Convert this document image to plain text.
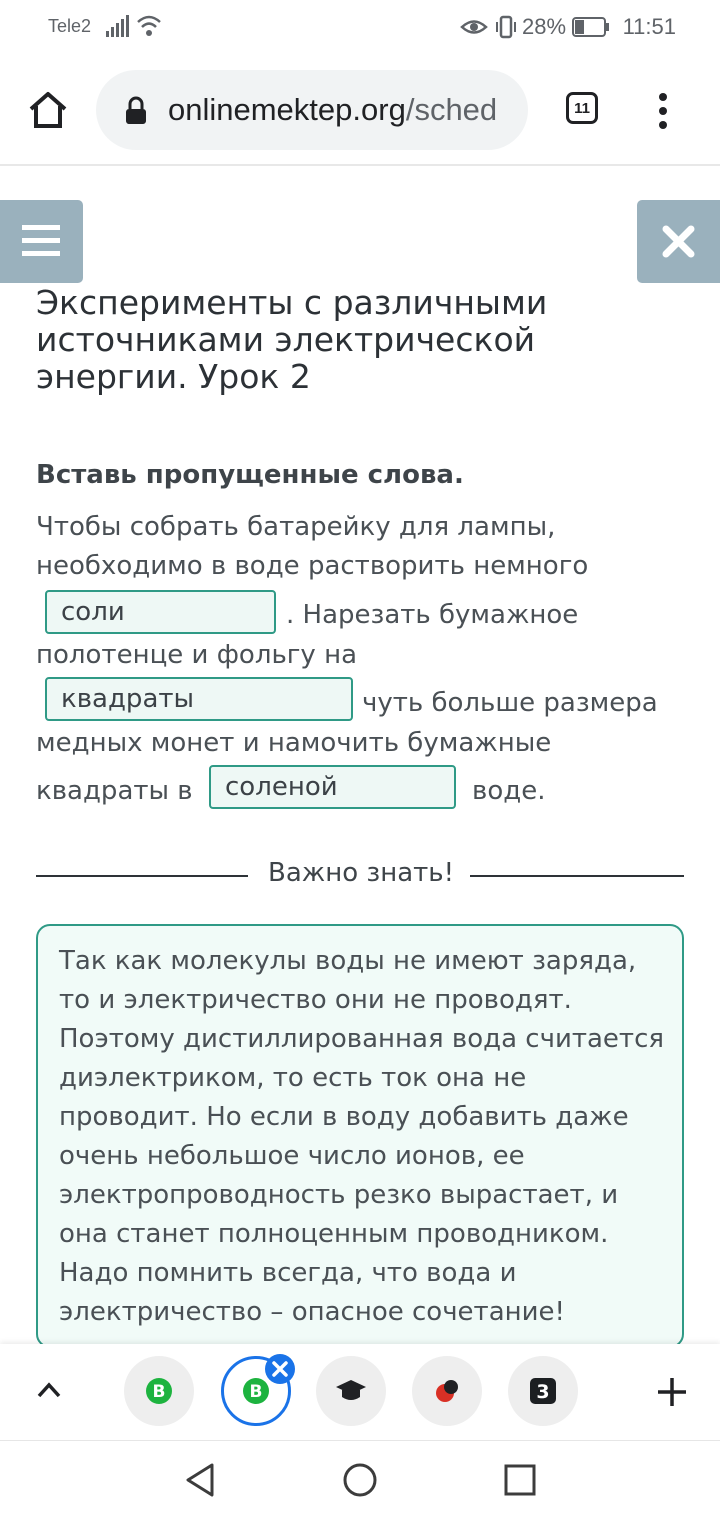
Tele2	28%	11:51
onlinemektep.org/sched	11
Эксперименты с различными источниками электрической энергии. Урок 2
Вставь пропущенные слова.
Чтобы собрать батарейку для лампы,
необходимо в воде растворить немного
соли	. Нарезать бумажное
полотенце и фольгу на
квадраты	чуть больше размера
медных монет и намочить бумажные
квадраты в	соленой	воде.
Важно знать!
Так как молекулы воды не имеют заряда, то и электричество они не проводят. Поэтому дистиллированная вода считается диэлектриком, то есть ток она не проводит. Но если в воду добавить даже очень небольшое число ионов, ее электропроводность резко вырастает, и она станет полноценным проводником. Надо помнить всегда, что вода и электричество – опасное сочетание!
B	B	3
